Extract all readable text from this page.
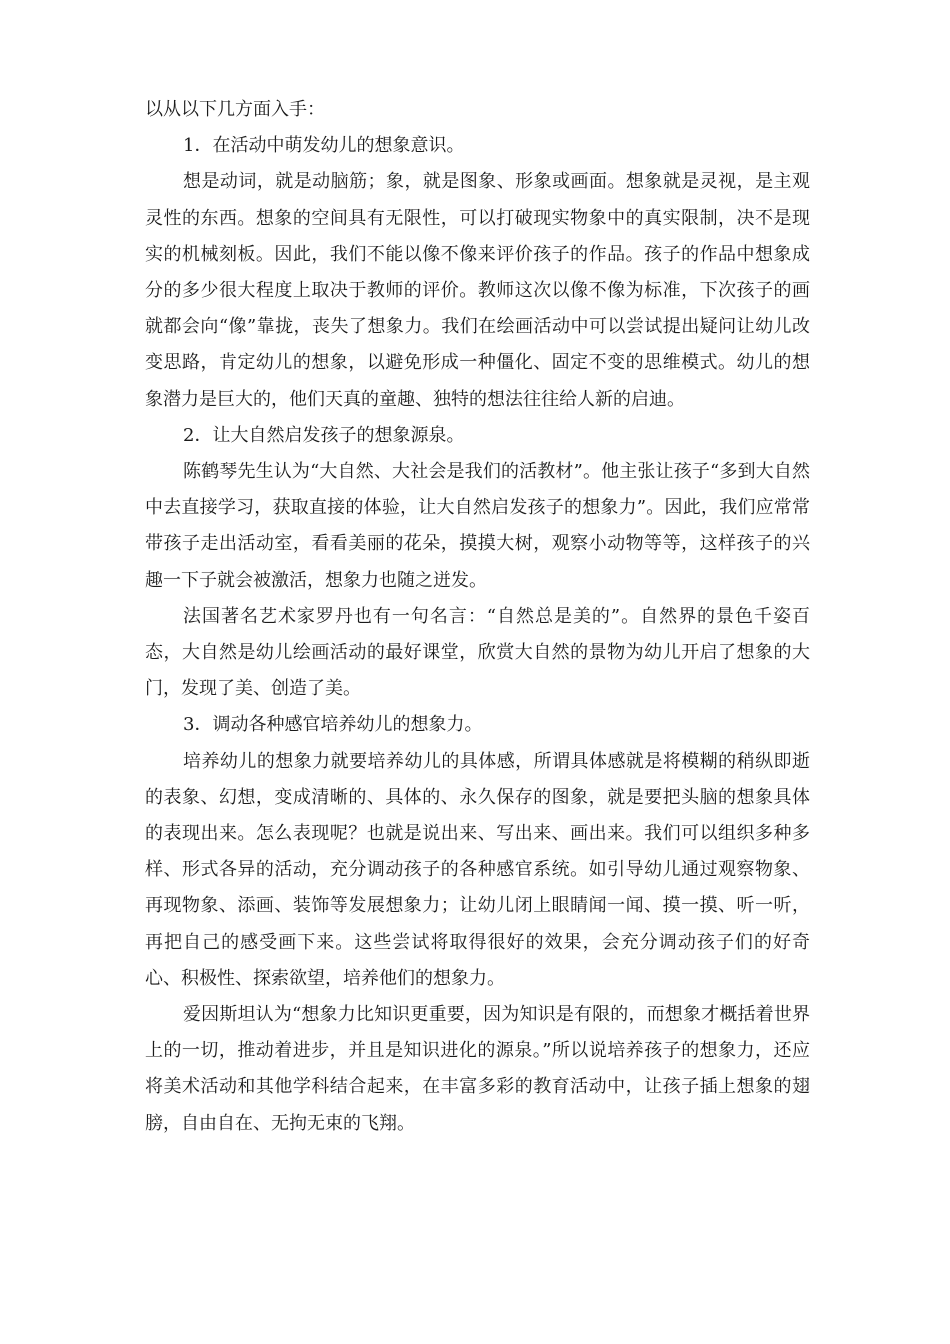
以从以下几方面入手：

1．在活动中萌发幼儿的想象意识。

想是动词，就是动脑筋；象，就是图象、形象或画面。想象就是灵视，是主观灵性的东西。想象的空间具有无限性，可以打破现实物象中的真实限制，决不是现实的机械刻板。因此，我们不能以像不像来评价孩子的作品。孩子的作品中想象成分的多少很大程度上取决于教师的评价。教师这次以像不像为标准，下次孩子的画就都会向“像”靠拢，丧失了想象力。我们在绘画活动中可以尝试提出疑问让幼儿改变思路，肯定幼儿的想象，以避免形成一种僵化、固定不变的思维模式。幼儿的想象潜力是巨大的，他们天真的童趣、独特的想法往往给人新的启迪。

2．让大自然启发孩子的想象源泉。

陈鹤琴先生认为“大自然、大社会是我们的活教材”。他主张让孩子“多到大自然中去直接学习，获取直接的体验，让大自然启发孩子的想象力”。因此，我们应常常带孩子走出活动室，看看美丽的花朵，摸摸大树，观察小动物等等，这样孩子的兴趣一下子就会被激活，想象力也随之迸发。

法国著名艺术家罗丹也有一句名言：“自然总是美的”。自然界的景色千姿百态，大自然是幼儿绘画活动的最好课堂，欣赏大自然的景物为幼儿开启了想象的大门，发现了美、创造了美。

3．调动各种感官培养幼儿的想象力。

培养幼儿的想象力就要培养幼儿的具体感，所谓具体感就是将模糊的稍纵即逝的表象、幻想，变成清晰的、具体的、永久保存的图象，就是要把头脑的想象具体的表现出来。怎么表现呢？也就是说出来、写出来、画出来。我们可以组织多种多样、形式各异的活动，充分调动孩子的各种感官系统。如引导幼儿通过观察物象、再现物象、添画、装饰等发展想象力；让幼儿闭上眼睛闻一闻、摸一摸、听一听，再把自己的感受画下来。这些尝试将取得很好的效果，会充分调动孩子们的好奇心、积极性、探索欲望，培养他们的想象力。

爱因斯坦认为“想象力比知识更重要，因为知识是有限的，而想象才概括着世界上的一切，推动着进步，并且是知识进化的源泉。”所以说培养孩子的想象力，还应将美术活动和其他学科结合起来，在丰富多彩的教育活动中，让孩子插上想象的翅膀，自由自在、无拘无束的飞翔。
